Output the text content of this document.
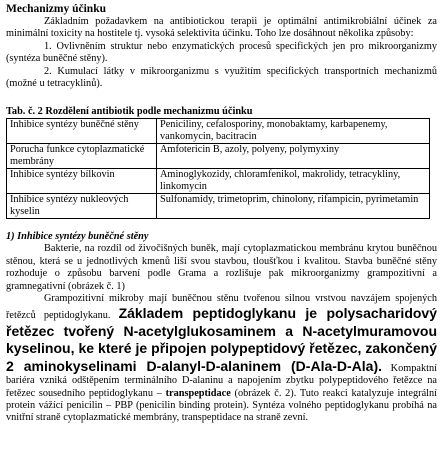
Mechanizmy účinku
Základním požadavkem na antibiotickou terapii je optimální antimikrobiální účinek za minimální toxicity na hostitele tj. vysoká selektivita účinku. Toho lze dosáhnout několika způsoby:
1. Ovlivněním struktur nebo enzymatických procesů specifických jen pro mikroorganizmy (syntéza buněčné stěny).
2. Kumulací látky v mikroorganizmu s využitím specifických transportních mechanizmů (možné u tetracyklinů).
Tab. č. 2 Rozdělení antibiotik podle mechanizmu účinku
Inhibice syntézy buněčné stěny	Peniciliny, cefalosporiny, monobaktamy, karbapenemy, vankomycin, bacitracin
Porucha funkce cytoplazmatické membrány	Amfotericin B, azoly, polyeny, polymyxiny
Inhibice syntézy bílkovin	Aminoglykozidy, chloramfenikol, makrolidy, tetracykliny, linkomycin
Inhibice syntézy nukleových kyselin	Sulfonamidy, trimetoprim, chinolony, rifampicin, pyrimetamin
1) Inhibice syntézy buněčné stěny
Bakterie, na rozdíl od živočišných buněk, mají cytoplazmatickou membránu krytou buněčnou stěnou, která se u jednotlivých kmenů liší svou stavbou, tloušťkou i kvalitou. Stavba buněčné stěny rozhoduje o způsobu barvení podle Grama a rozlišuje pak mikroorganizmy grampozitivní a gramnegativní (obrázek č. 1)
Grampozitivní mikroby mají buněčnou stěnu tvořenou silnou vrstvou navzájem spojených řetězců peptidoglykanu. Základem peptidoglykanu je polysacharidový řetězec tvořený N-acetylglukosaminem a N-acetylmuramovou kyselinou, ke které je připojen polypeptidový řetězec, zakončený 2 aminokyselinami D-alanyl-D-alaninem (D-Ala-D-Ala). Kompaktní bariéra vzniká odštěpením terminálního D-alaninu a napojením zbytku polypeptidového řetězce na řetězec sousedního peptidoglykanu – transpeptidace (obrázek č. 2). Tuto reakci katalyzuje integrální protein vážící penicilin – PBP (penicilin binding protein). Syntéza volného peptidoglykanu probíhá na vnitřní straně cytoplazmatické membrány, transpeptidace na straně zevní.
